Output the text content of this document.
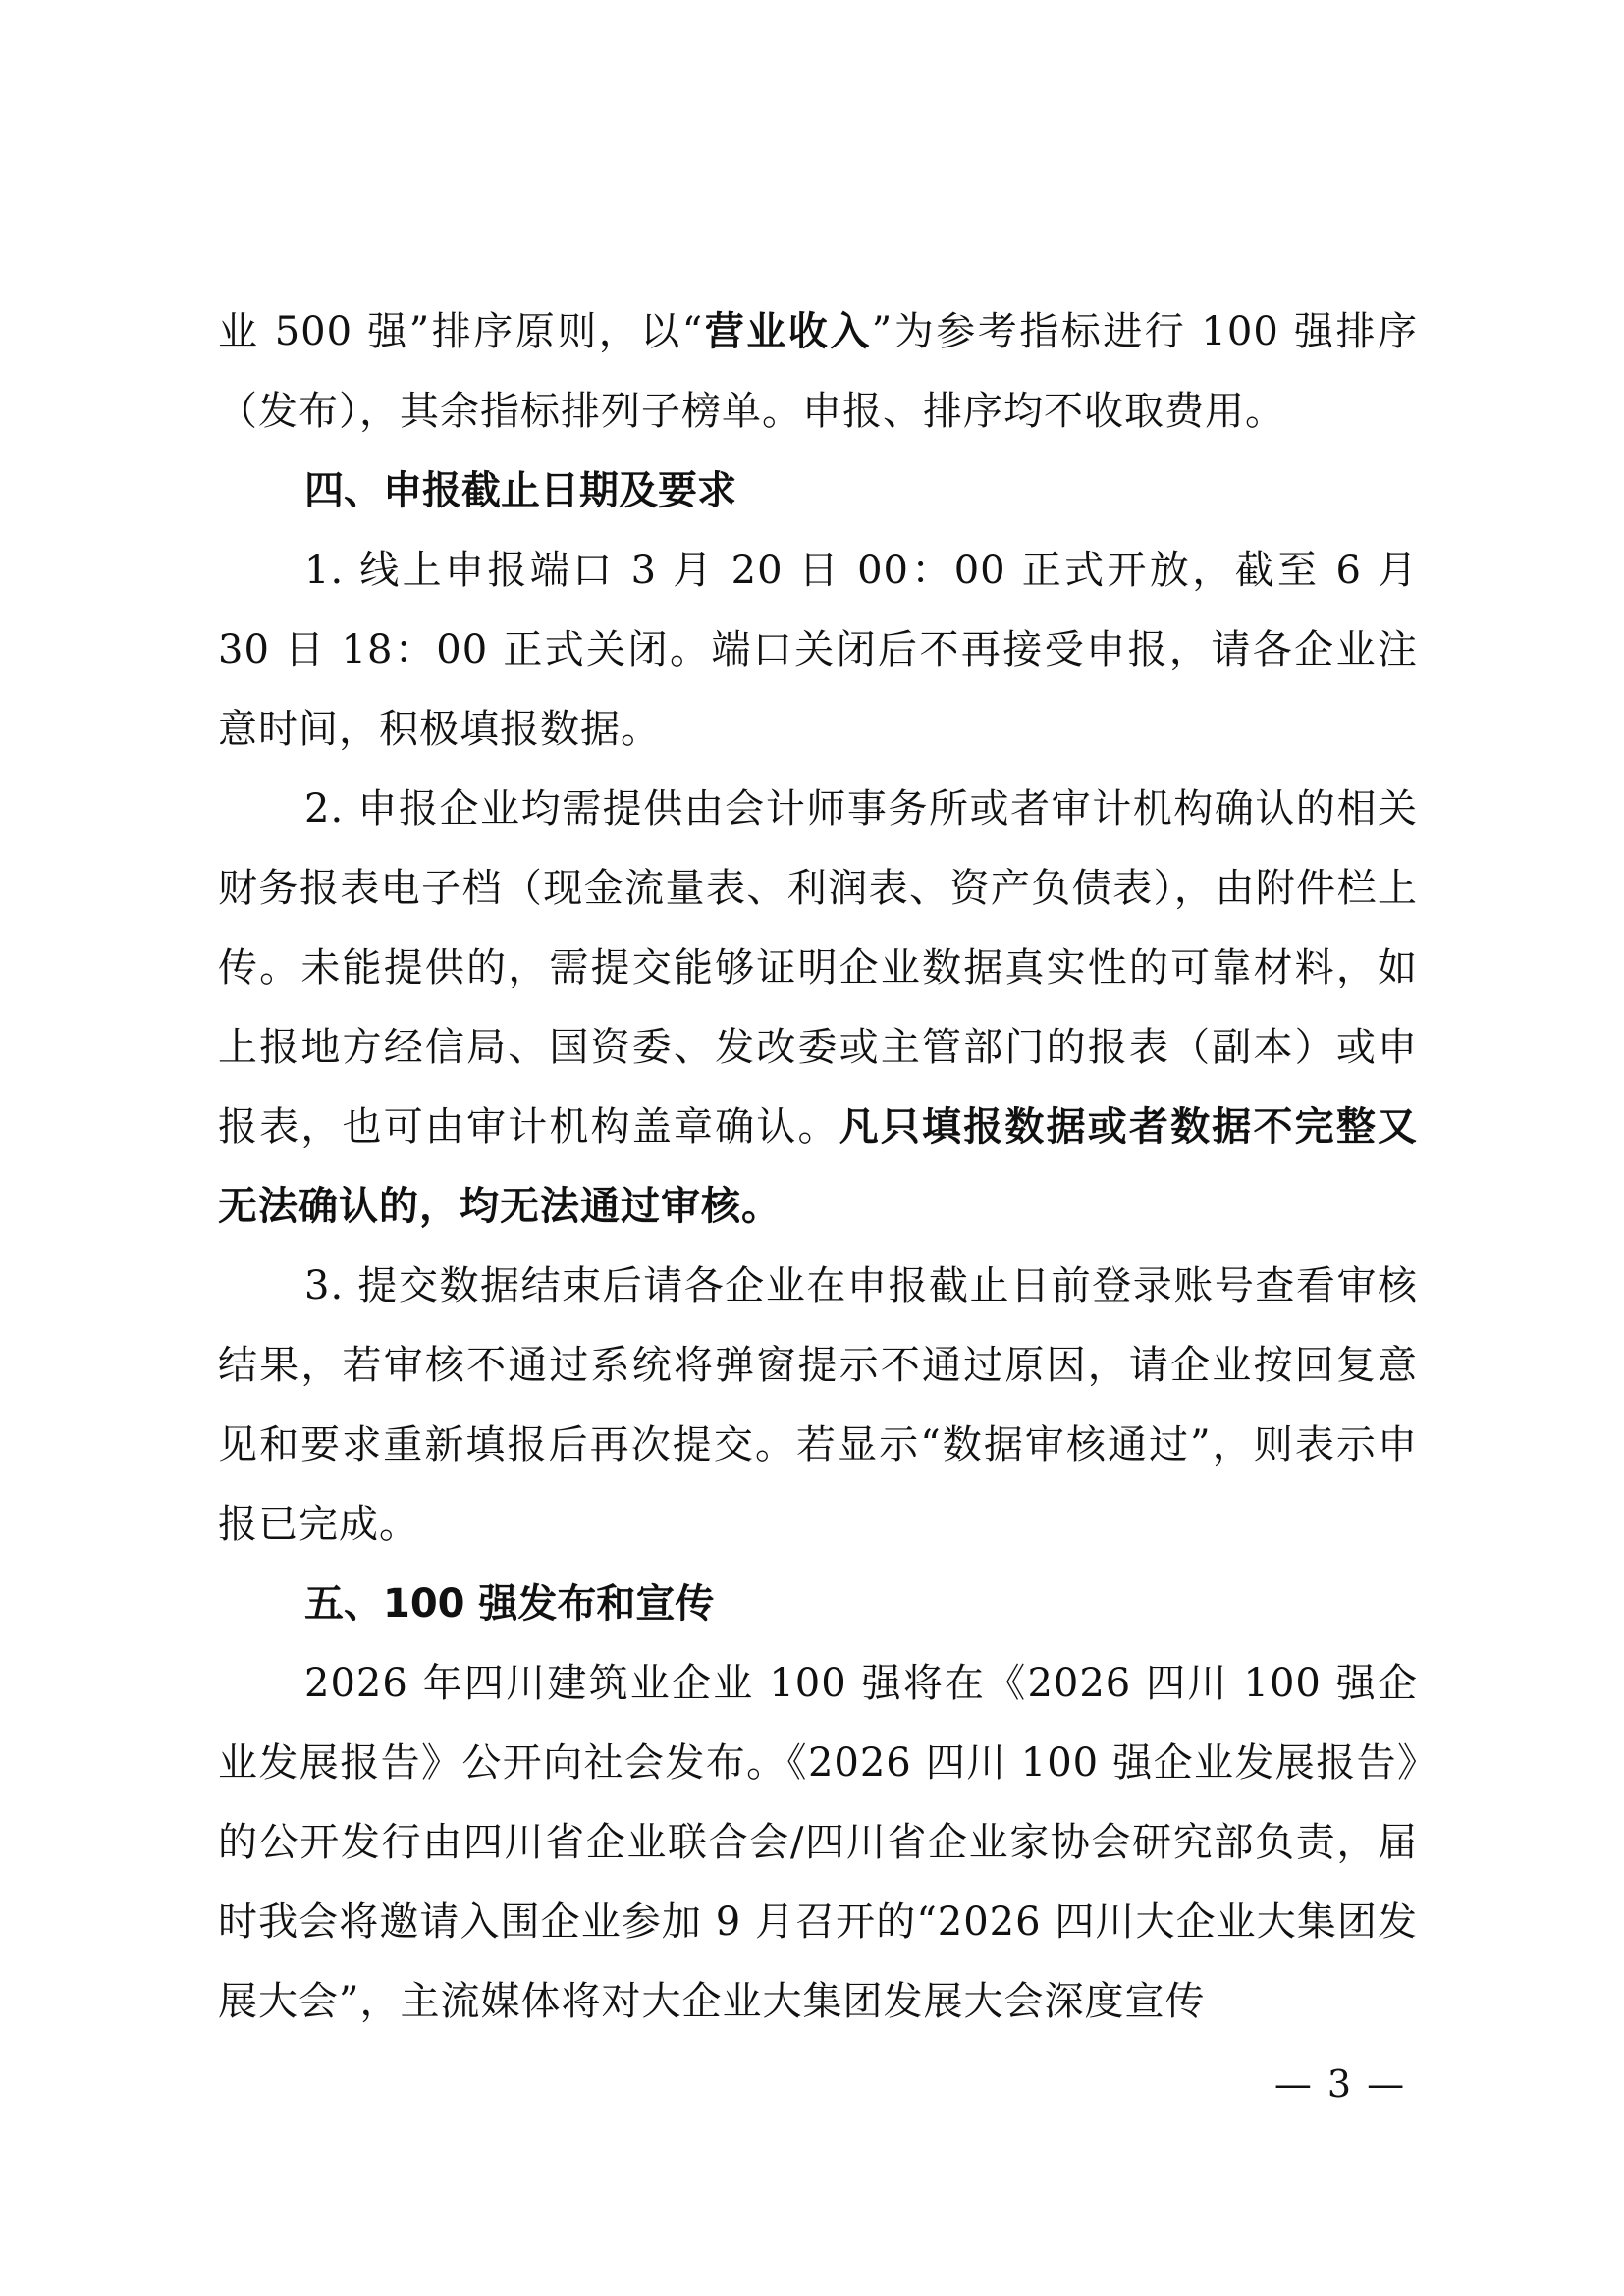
业 500 强”排序原则，以“营业收入”为参考指标进行 100 强排序（发布），其余指标排列子榜单。申报、排序均不收取费用。

四、申报截止日期及要求

1. 线上申报端口 3 月 20 日 00：00 正式开放，截至 6 月 30 日 18：00 正式关闭。端口关闭后不再接受申报，请各企业注意时间，积极填报数据。

2. 申报企业均需提供由会计师事务所或者审计机构确认的相关财务报表电子档（现金流量表、利润表、资产负债表），由附件栏上传。未能提供的，需提交能够证明企业数据真实性的可靠材料，如上报地方经信局、国资委、发改委或主管部门的报表（副本）或申报表，也可由审计机构盖章确认。凡只填报数据或者数据不完整又无法确认的，均无法通过审核。

3. 提交数据结束后请各企业在申报截止日前登录账号查看审核结果，若审核不通过系统将弹窗提示不通过原因，请企业按回复意见和要求重新填报后再次提交。若显示“数据审核通过”，则表示申报已完成。

五、100 强发布和宣传

2026 年四川建筑业企业 100 强将在《2026 四川 100 强企业发展报告》公开向社会发布。《2026 四川 100 强企业发展报告》的公开发行由四川省企业联合会/四川省企业家协会研究部负责，届时我会将邀请入围企业参加 9 月召开的“2026 四川大企业大集团发展大会”，主流媒体将对大企业大集团发展大会深度宣传

— 3 —
